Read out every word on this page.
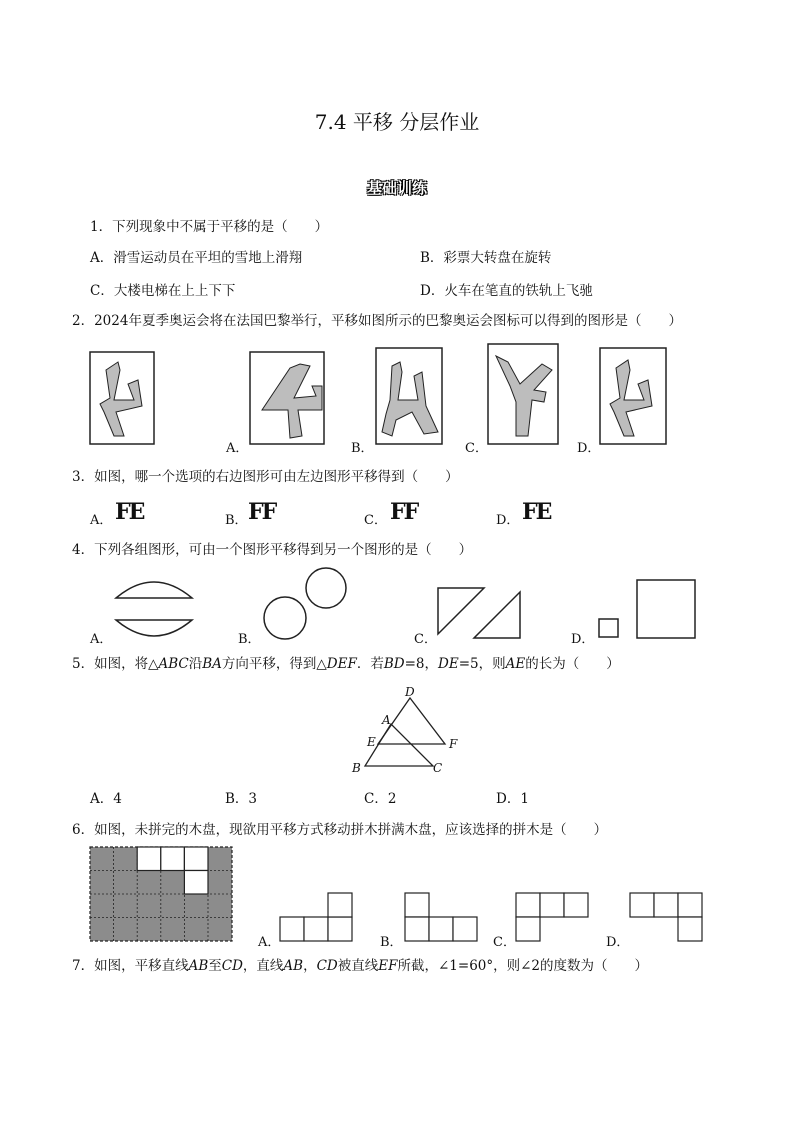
7.4 平移 分层作业
基础训练
1．下列现象中不属于平移的是（　　）
A．滑雪运动员在平坦的雪地上滑翔	B．彩票大转盘在旋转
C．大楼电梯在上上下下	D．火车在笔直的铁轨上飞驰
2．2024年夏季奥运会将在法国巴黎举行，平移如图所示的巴黎奥运会图标可以得到的图形是（　　）
A．	B．	C．	D．
3．如图，哪一个选项的右边图形可由左边图形平移得到（　　）
A． FE	B． FF	C． FF	D． FE
4．下列各组图形，可由一个图形平移得到另一个图形的是（　　）
A．	B．	C．	D．
5．如图，将△ABC沿BA方向平移，得到△DEF．若BD=8，DE=5，则AE的长为（　　）
D
A
E	F
B	C
A．4	B．3	C．2	D．1
6．如图，未拼完的木盘，现欲用平移方式移动拼木拼满木盘，应该选择的拼木是（　　）
A．	B．	C．	D．
7．如图，平移直线AB至CD，直线AB，CD被直线EF所截，∠1=60°，则∠2的度数为（　　）
